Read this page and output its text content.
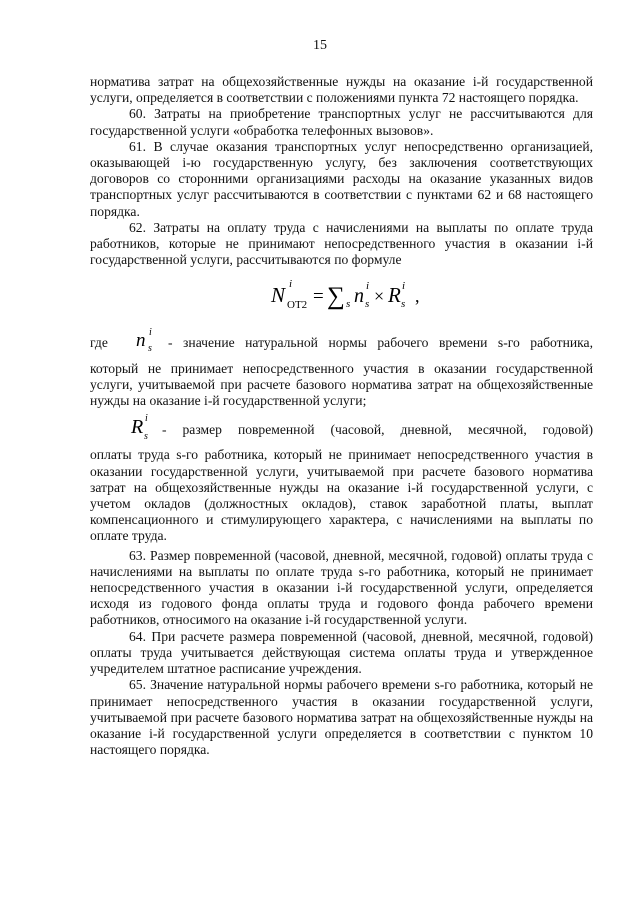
15

норматива затрат на общехозяйственные нужды на оказание i-й государственной услуги, определяется в соответствии с положениями пункта 72 настоящего порядка.

60. Затраты на приобретение транспортных услуг не рассчитываются для государственной услуги «обработка телефонных вызовов».

61. В случае оказания транспортных услуг непосредственно организацией, оказывающей i-ю государственную услугу, без заключения соответствующих договоров со сторонними организациями расходы на оказание указанных видов транспортных услуг рассчитываются в соответствии с пунктами 62 и 68 настоящего порядка.

62. Затраты на оплату труда с начислениями на выплаты по оплате труда работников, которые не принимают непосредственного участия в оказании i-й государственной услуги, рассчитываются по формуле

N i
ОТ2 = ∑ s n i
s × R i
s ,
где	n i
s - значение натуральной нормы рабочего времени s-го работника,

который не принимает непосредственного участия в оказании государственной услуги, учитываемой при расчете базового норматива затрат на общехозяйственные нужды на оказание i-й государственной услуги;

R i
s - размер повременной (часовой, дневной, месячной, годовой)

оплаты труда s-го работника, который не принимает непосредственного участия в оказании государственной услуги, учитываемой при расчете базового норматива затрат на общехозяйственные нужды на оказание i-й государственной услуги, с учетом окладов (должностных окладов), ставок заработной платы, выплат компенсационного и стимулирующего характера, с начислениями на выплаты по оплате труда.

63. Размер повременной (часовой, дневной, месячной, годовой) оплаты труда с начислениями на выплаты по оплате труда s-го работника, который не принимает непосредственного участия в оказании i-й государственной услуги, определяется исходя из годового фонда оплаты труда и годового фонда рабочего времени работников, относимого на оказание i-й государственной услуги.

64. При расчете размера повременной (часовой, дневной, месячной, годовой) оплаты труда учитывается действующая система оплаты труда и утвержденное учредителем штатное расписание учреждения.

65. Значение натуральной нормы рабочего времени s-го работника, который не принимает непосредственного участия в оказании государственной услуги, учитываемой при расчете базового норматива затрат на общехозяйственные нужды на оказание i-й государственной услуги определяется в соответствии с пунктом 10 настоящего порядка.
